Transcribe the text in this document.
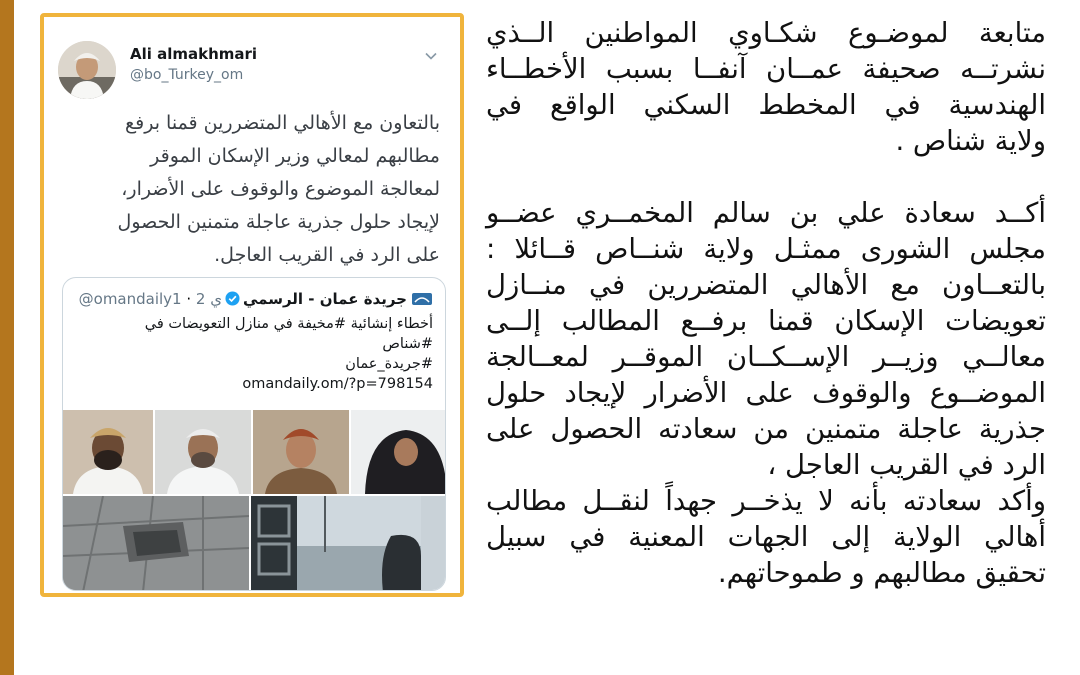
Ali almakhmari
@bo_Turkey_om
بالتعاون مع الأهالي المتضررين قمنا برفع
مطالبهم لمعالي وزير الإسكان الموقر
لمعالجة الموضوع والوقوف على الأضرار،
لإيجاد حلول جذرية عاجلة متمنين الحصول
على الرد في القريب العاجل.
جريدة عمان - الرسمي@omandaily1 · 2 ي
أخطاء إنشائية #مخيفة في منازل التعويضات في
#شناص
#جريدة_عمان
omandaily.om/?p=798154
متابعة لموضـوع شكـاوي المواطنين الــذي
نشرتــه صحيفة عمــان آنفــا بسبب الأخطــاء
الهندسية في المخطط السكني الواقع في
ولاية شناص .
أكــد سعادة علي بن سالم المخمــري عضــو
مجلس الشورى ممثـل ولاية شنــاص قــائلا :
بالتعــاون مع الأهالي المتضررين في منــازل
تعويضات الإسكان قمنا برفــع المطالب إلــى
معالــي وزيــر الإســكــان الموقــر لمعــالجة
الموضــوع والوقوف على الأضرار لإيجاد حلول
جذرية عاجلة متمنين من سعادته الحصول على
الرد في القريب العاجل ،
وأكد سعادته بأنه لا يذخــر جهداً لنقــل مطالب
أهالي الولاية إلى الجهات المعنية في سبيل
تحقيق مطالبهم و طموحاتهم.
